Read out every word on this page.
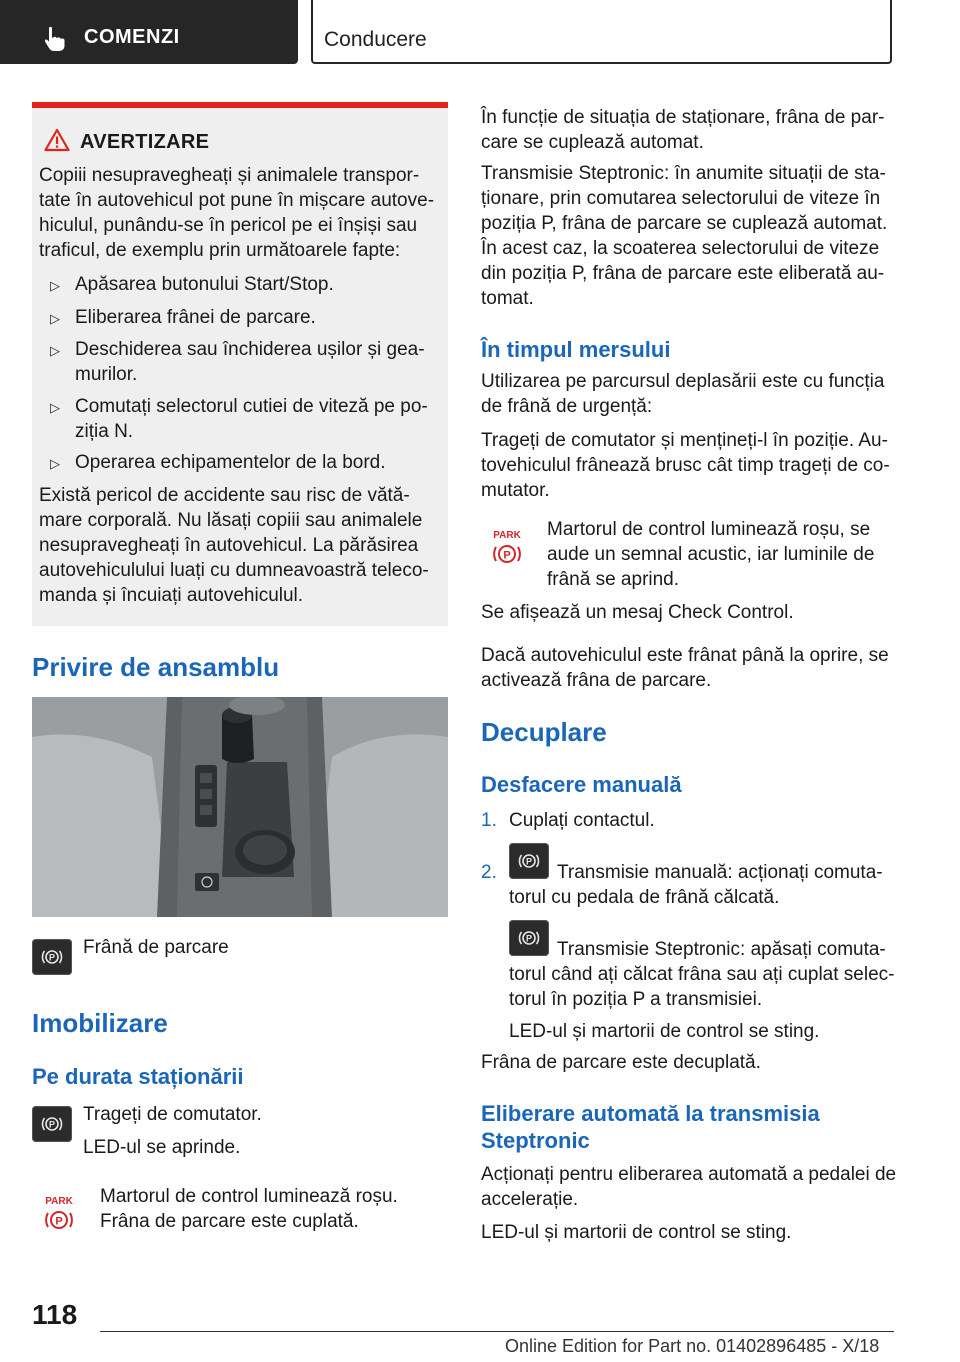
COMENZI	Conducere
AVERTIZARE
Copiii nesupravegheați și animalele transpor-
tate în autovehicul pot pune în mișcare autove-
hiculul, punându-se în pericol pe ei înșiși sau
traficul, de exemplu prin următoarele fapte:
▷ Apăsarea butonului Start/Stop.
▷ Eliberarea frânei de parcare.
▷ Deschiderea sau închiderea ușilor și gea-
murilor.
▷ Comutați selectorul cutiei de viteză pe po-
ziția N.
▷ Operarea echipamentelor de la bord.
Există pericol de accidente sau risc de vătă-
mare corporală. Nu lăsați copiii sau animalele
nesupravegheați în autovehicul. La părăsirea
autovehiculului luați cu dumneavoastră teleco-
manda și încuiați autovehiculul.
Privire de ansamblu
P Frână de parcare
Imobilizare
Pe durata staționării
P Trageți de comutator.
LED-ul se aprinde.
PARK
P
Martorul de control luminează roșu.
Frâna de parcare este cuplată.
În funcție de situația de staționare, frâna de par-
care se cuplează automat.
Transmisie Steptronic: în anumite situații de sta-
ționare, prin comutarea selectorului de viteze în
poziția P, frâna de parcare se cuplează automat.
În acest caz, la scoaterea selectorului de viteze
din poziția P, frâna de parcare este eliberată au-
tomat.
În timpul mersului
Utilizarea pe parcursul deplasării este cu funcția
de frână de urgență:
Trageți de comutator și mențineți-l în poziție. Au-
tovehiculul frânează brusc cât timp trageți de co-
mutator.
PARK
P
Martorul de control luminează roșu, se
aude un semnal acustic, iar luminile de
frână se aprind.
Se afișează un mesaj Check Control.
Dacă autovehiculul este frânat până la oprire, se
activează frâna de parcare.
Decuplare
Desfacere manuală
1. Cuplați contactul.
2.
P
Transmisie manuală: acționați comuta-
torul cu pedala de frână călcată.
P
Transmisie Steptronic: apăsați comuta-
torul când ați călcat frâna sau ați cuplat selec-
torul în poziția P a transmisiei.
LED-ul și martorii de control se sting.
Frâna de parcare este decuplată.
Eliberare automată la transmisia
Steptronic
Acționați pentru eliberarea automată a pedalei de
accelerație.
LED-ul și martorii de control se sting.
118
Online Edition for Part no. 01402896485 - X/18
